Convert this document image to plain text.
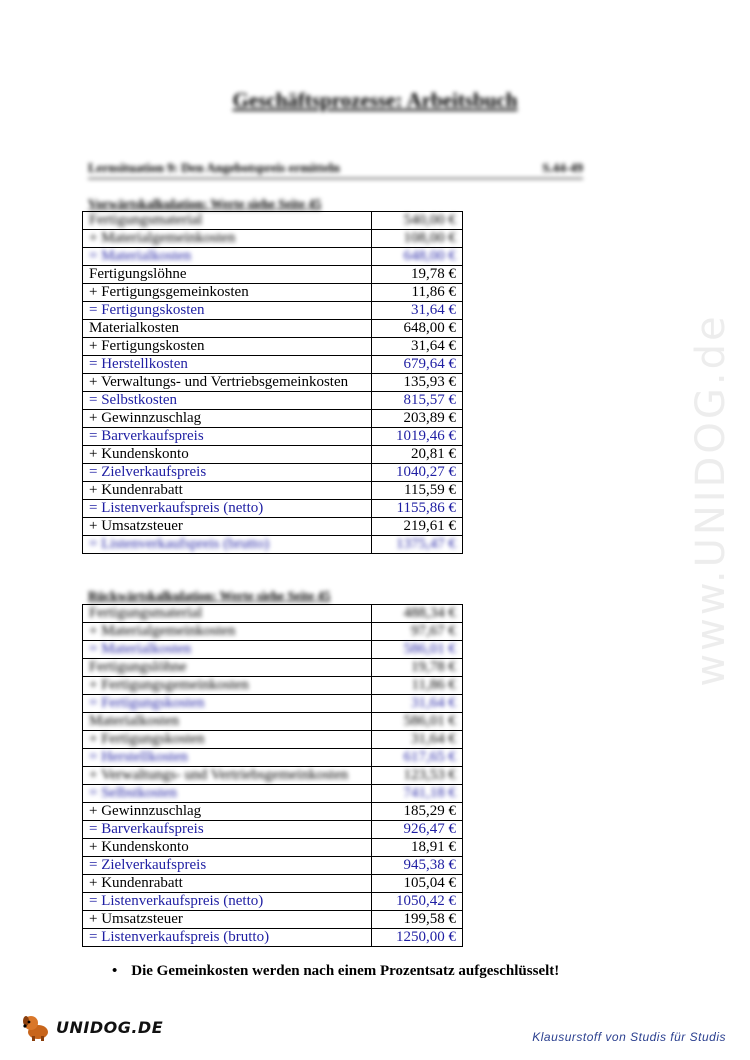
www.UNIDOG.de
Geschäftsprozesse: Arbeitsbuch
Lernsituation 9: Den Angebotspreis ermitteln	S.44-49
Vorwärtskalkulation: Werte siehe Seite 45
Fertigungsmaterial	540,00 €
+ Materialgemeinkosten	108,00 €
= Materialkosten	648,00 €
Fertigungslöhne	19,78 €
+ Fertigungsgemeinkosten	11,86 €
= Fertigungskosten	31,64 €
Materialkosten	648,00 €
+ Fertigungskosten	31,64 €
= Herstellkosten	679,64 €
+ Verwaltungs- und Vertriebsgemeinkosten	135,93 €
= Selbstkosten	815,57 €
+ Gewinnzuschlag	203,89 €
= Barverkaufspreis	1019,46 €
+ Kundenskonto	20,81 €
= Zielverkaufspreis	1040,27 €
+ Kundenrabatt	115,59 €
= Listenverkaufspreis (netto)	1155,86 €
+ Umsatzsteuer	219,61 €
= Listenverkaufspreis (brutto)	1375,47 €
Rückwärtskalkulation: Werte siehe Seite 45
Fertigungsmaterial	488,34 €
+ Materialgemeinkosten	97,67 €
= Materialkosten	586,01 €
Fertigungslöhne	19,78 €
+ Fertigungsgemeinkosten	11,86 €
= Fertigungskosten	31,64 €
Materialkosten	586,01 €
+ Fertigungskosten	31,64 €
= Herstellkosten	617,65 €
+ Verwaltungs- und Vertriebsgemeinkosten	123,53 €
= Selbstkosten	741,18 €
+ Gewinnzuschlag	185,29 €
= Barverkaufspreis	926,47 €
+ Kundenskonto	18,91 €
= Zielverkaufspreis	945,38 €
+ Kundenrabatt	105,04 €
= Listenverkaufspreis (netto)	1050,42 €
+ Umsatzsteuer	199,58 €
= Listenverkaufspreis (brutto)	1250,00 €
• Die Gemeinkosten werden nach einem Prozentsatz aufgeschlüsselt!
UNIDOG.DE
Klausurstoff von Studis für Studis
